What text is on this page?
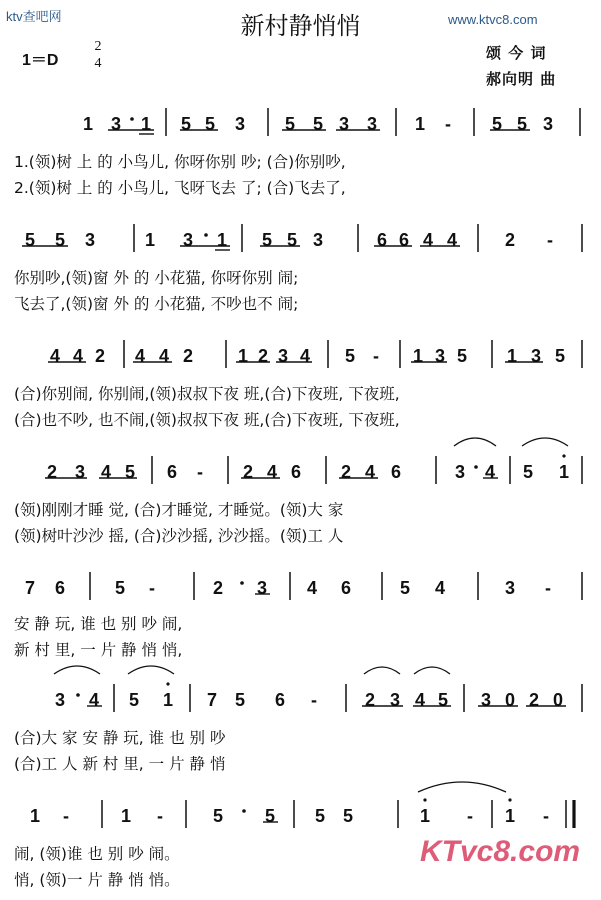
ktv查吧网	www.ktvc8.com
新村静悄悄
1＝D
2
4
颂 今 词
郝向明 曲
1 3 1 5 5 3 5 5 3 3 1 - 5 5 3
5 5 3	1 3 1 5 5 3	6 6 4 4	2 -
4 4 2 4 4 2 1 2 3 4 5 - 1 3 5 1 3 5
2 3 4 5 6 - 2 4 6 2 4 6	3 4 5 1
7 6	5 -	2 3 4 6	5 4	3 -
3 4 5 1 7 5 6 -	2 3 4 5 3 0 2 0
1 -	1 -	5 5 5 5	1 - 1 -
1.(领)树 上 的 小鸟儿, 你呀你别 吵; (合)你别吵,
2.(领)树 上 的 小鸟儿, 飞呀飞去 了; (合)飞去了,
你别吵,(领)窗 外 的 小花猫, 你呀你别 闹;
飞去了,(领)窗 外 的 小花猫, 不吵也不 闹;
(合)你别闹, 你别闹,(领)叔叔下夜 班,(合)下夜班, 下夜班,
(合)也不吵, 也不闹,(领)叔叔下夜 班,(合)下夜班, 下夜班,
(领)刚刚才睡 觉, (合)才睡觉, 才睡觉。(领)大 家
(领)树叶沙沙 摇, (合)沙沙摇, 沙沙摇。(领)工 人
安 静 玩, 谁 也 别 吵 闹,
新 村 里, 一 片 静 悄 悄,
(合)大 家 安 静 玩, 谁 也 别 吵
(合)工 人 新 村 里, 一 片 静 悄
闹, (领)谁 也 别 吵 闹。
悄, (领)一 片 静 悄 悄。
KTvc8.com
